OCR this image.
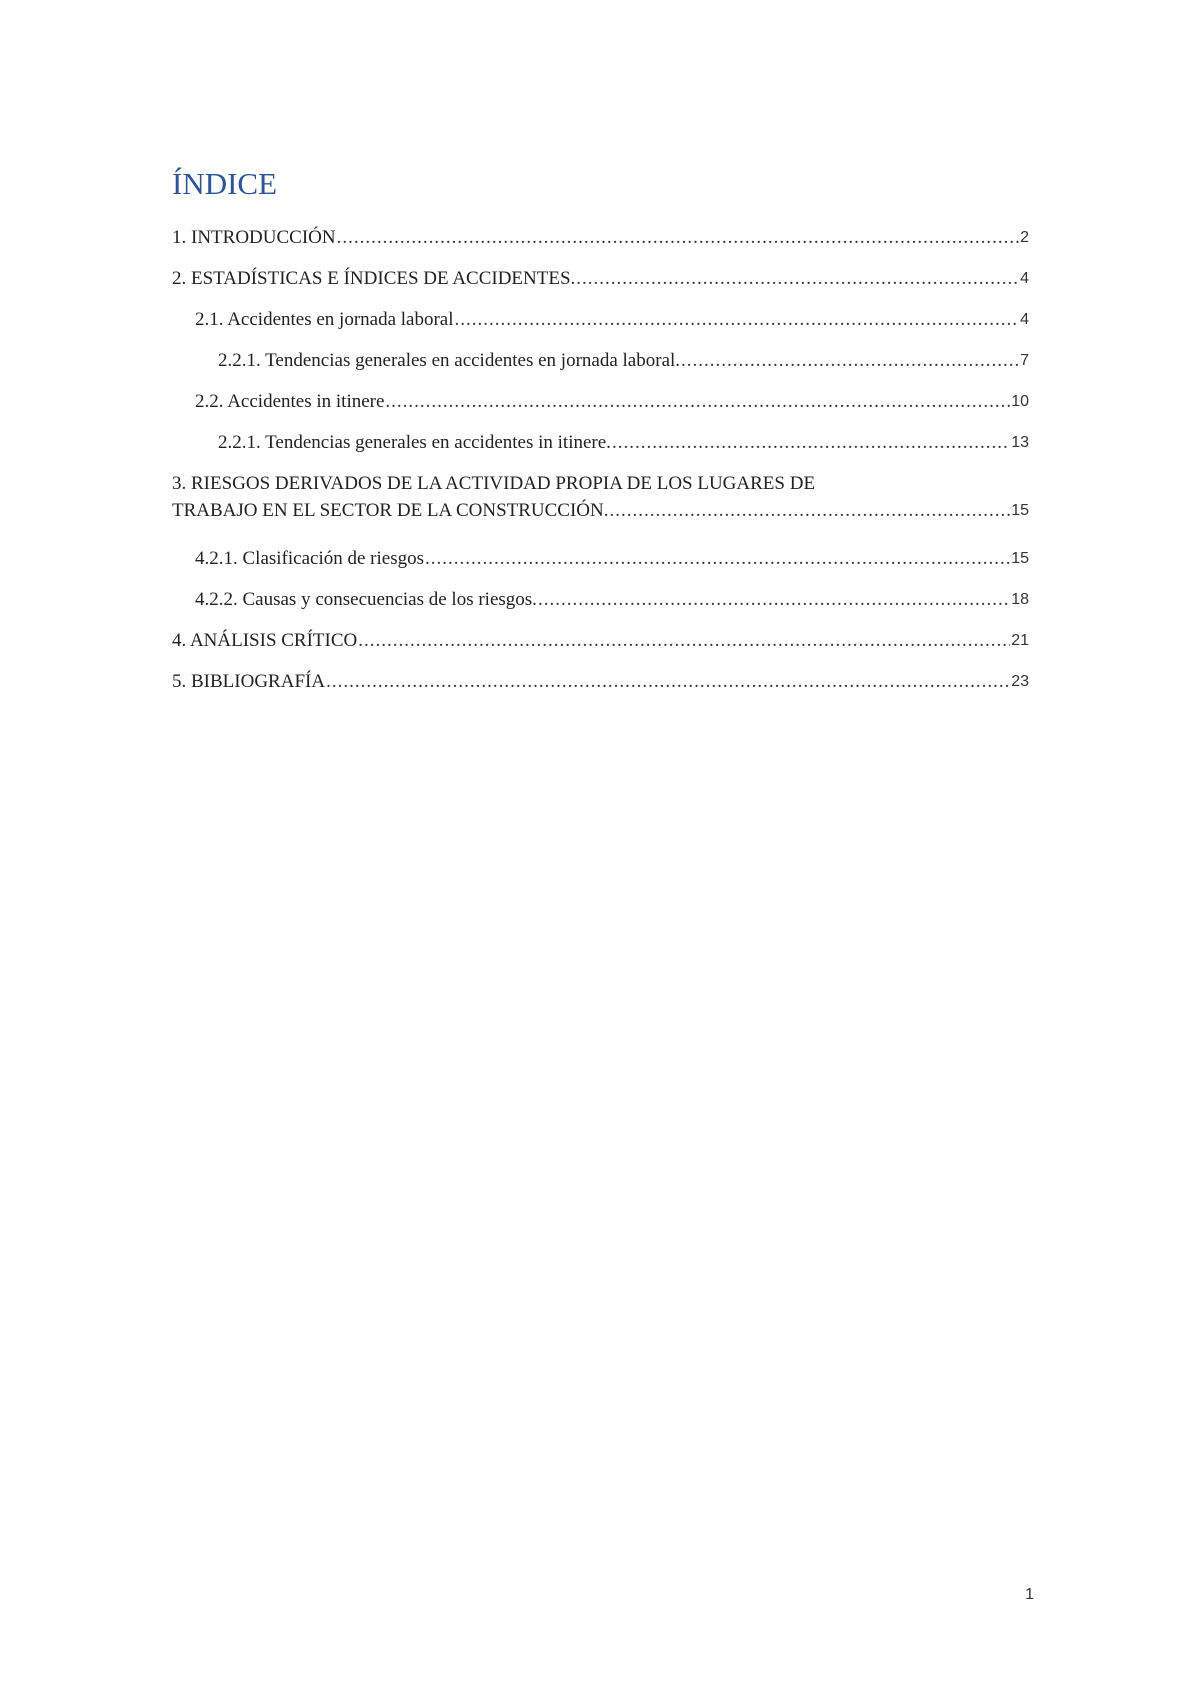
ÍNDICE
1. INTRODUCCIÓN .....	2
2. ESTADÍSTICAS E ÍNDICES DE ACCIDENTES. .....	4
2.1. Accidentes en jornada laboral .....	4
2.2.1. Tendencias generales en accidentes en jornada laboral. .....	7
2.2. Accidentes in itinere .....	10
2.2.1. Tendencias generales en accidentes in itinere. .....	13
3. RIESGOS DERIVADOS DE LA ACTIVIDAD PROPIA DE LOS LUGARES DE
TRABAJO EN EL SECTOR DE LA CONSTRUCCIÓN. .....	15
4.2.1. Clasificación de riesgos .....	15
4.2.2. Causas y consecuencias de los riesgos. .....	18
4. ANÁLISIS CRÍTICO .....	21
5. BIBLIOGRAFÍA .....	23
1
